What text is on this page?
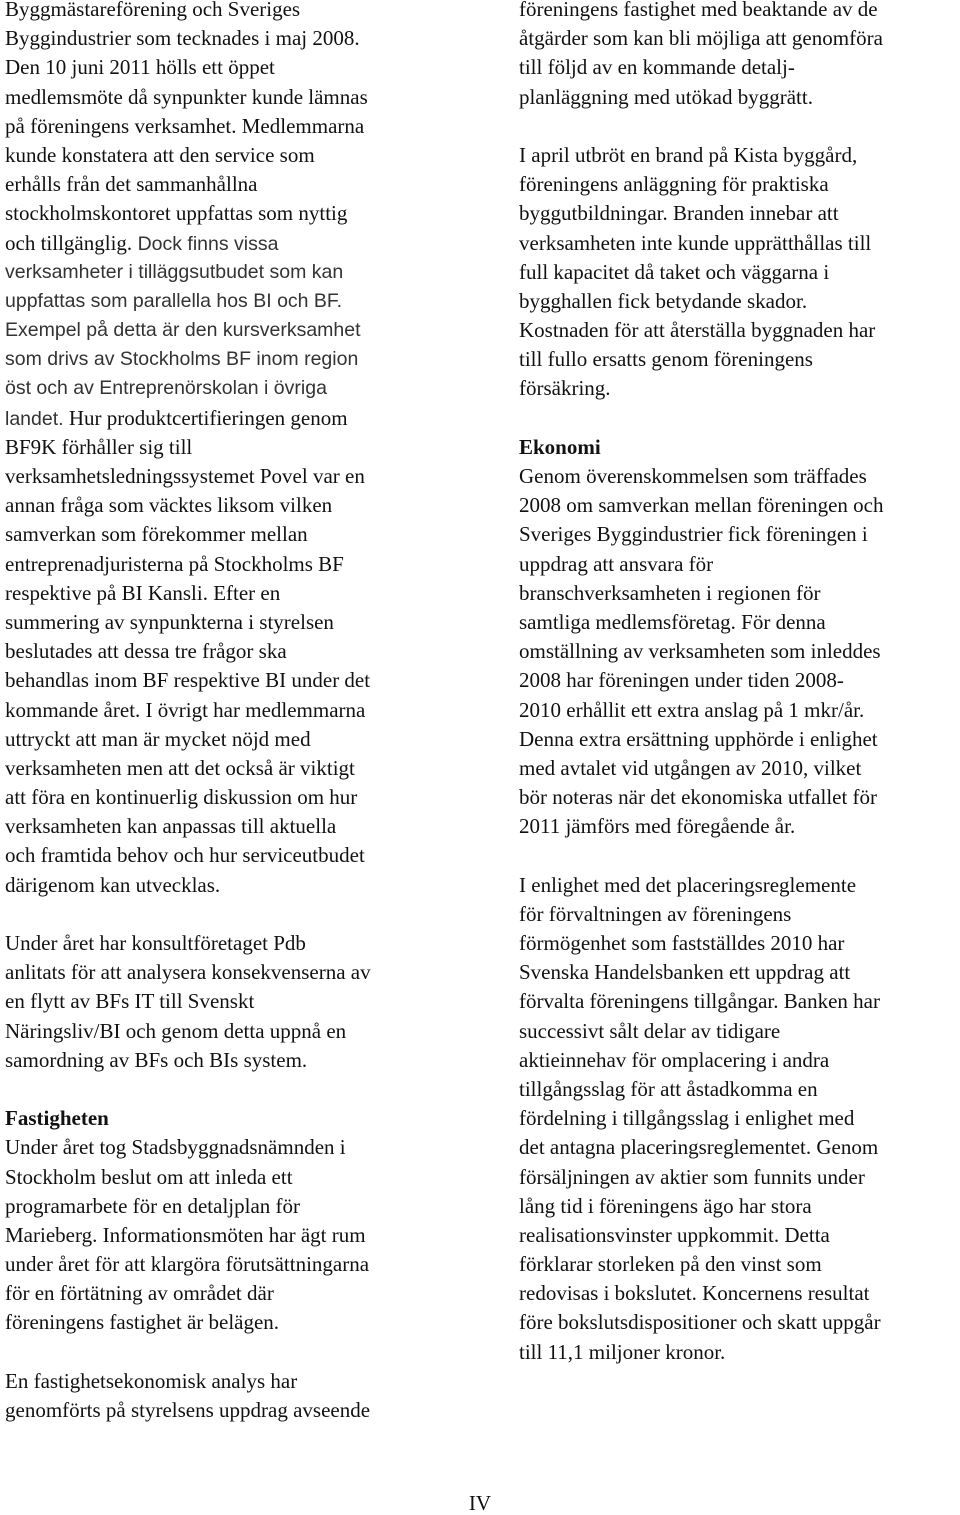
Byggmästareförening och Sveriges
Byggindustrier som tecknades i maj 2008.
Den 10 juni 2011 hölls ett öppet
medlemsmöte då synpunkter kunde lämnas
på föreningens verksamhet. Medlemmarna
kunde konstatera att den service som
erhålls från det sammanhållna
stockholmskontoret uppfattas som nyttig
och tillgänglig. Dock finns vissa
verksamheter i tilläggsutbudet som kan
uppfattas som parallella hos BI och BF.
Exempel på detta är den kursverksamhet
som drivs av Stockholms BF inom region
öst och av Entreprenörskolan i övriga
landet. Hur produktcertifieringen genom
BF9K förhåller sig till
verksamhetsledningssystemet Povel var en
annan fråga som väcktes liksom vilken
samverkan som förekommer mellan
entreprenadjuristerna på Stockholms BF
respektive på BI Kansli. Efter en
summering av synpunkterna i styrelsen
beslutades att dessa tre frågor ska
behandlas inom BF respektive BI under det
kommande året. I övrigt har medlemmarna
uttryckt att man är mycket nöjd med
verksamheten men att det också är viktigt
att föra en kontinuerlig diskussion om hur
verksamheten kan anpassas till aktuella
och framtida behov och hur serviceutbudet
därigenom kan utvecklas.
Under året har konsultföretaget Pdb
anlitats för att analysera konsekvenserna av
en flytt av BFs IT till Svenskt
Näringsliv/BI och genom detta uppnå en
samordning av BFs och BIs system.
Fastigheten
Under året tog Stadsbyggnadsnämnden i
Stockholm beslut om att inleda ett
programarbete för en detaljplan för
Marieberg. Informationsmöten har ägt rum
under året för att klargöra förutsättningarna
för en förtätning av området där
föreningens fastighet är belägen.
En fastighetsekonomisk analys har
genomförts på styrelsens uppdrag avseende
föreningens fastighet med beaktande av de
åtgärder som kan bli möjliga att genomföra
till följd av en kommande detalj-
planläggning med utökad byggrätt.
I april utbröt en brand på Kista byggård,
föreningens anläggning för praktiska
byggutbildningar. Branden innebar att
verksamheten inte kunde upprätthållas till
full kapacitet då taket och väggarna i
bygghallen fick betydande skador.
Kostnaden för att återställa byggnaden har
till fullo ersatts genom föreningens
försäkring.
Ekonomi
Genom överenskommelsen som träffades
2008 om samverkan mellan föreningen och
Sveriges Byggindustrier fick föreningen i
uppdrag att ansvara för
branschverksamheten i regionen för
samtliga medlemsföretag. För denna
omställning av verksamheten som inleddes
2008 har föreningen under tiden 2008-
2010 erhållit ett extra anslag på 1 mkr/år.
Denna extra ersättning upphörde i enlighet
med avtalet vid utgången av 2010, vilket
bör noteras när det ekonomiska utfallet för
2011 jämförs med föregående år.
I enlighet med det placeringsreglemente
för förvaltningen av föreningens
förmögenhet som fastställdes 2010 har
Svenska Handelsbanken ett uppdrag att
förvalta föreningens tillgångar. Banken har
successivt sålt delar av tidigare
aktieinnehav för omplacering i andra
tillgångsslag för att åstadkomma en
fördelning i tillgångsslag i enlighet med
det antagna placeringsreglementet. Genom
försäljningen av aktier som funnits under
lång tid i föreningens ägo har stora
realisationsvinster uppkommit. Detta
förklarar storleken på den vinst som
redovisas i bokslutet. Koncernens resultat
före bokslutsdispositioner och skatt uppgår
till 11,1 miljoner kronor.
IV
